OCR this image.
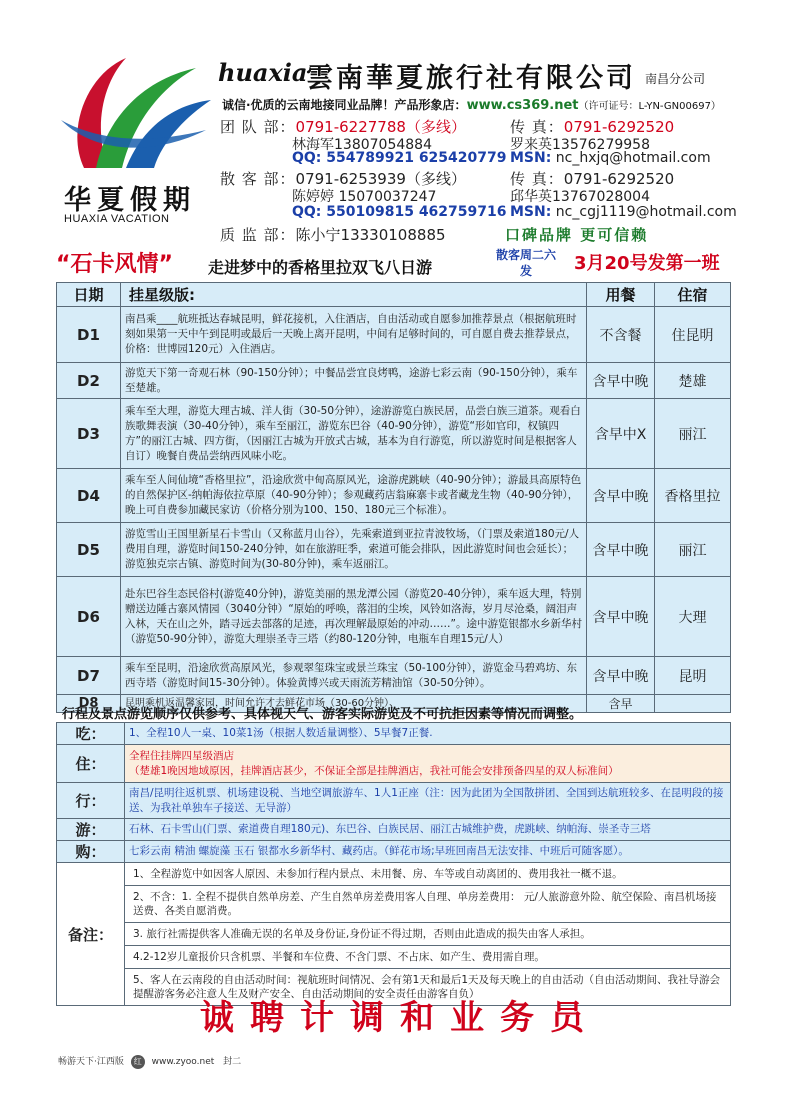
华夏假期
HUAXIA VACATION
huaxia
雲南華夏旅行社有限公司 南昌分公司
诚信·优质的云南地接同业品牌！产品形象店：www.cs369.net（许可证号：L-YN-GN00697）
团 队 部：0791-6227788（多线）	传 真：0791-6292520
林海军13807054884	罗来英13576279958
QQ: 554789921 625420779 MSN: nc_hxjq@hotmail.com
散 客 部：0791-6253939（多线）	传 真：0791-6292520
陈婷婷 15070037247	邱华英13767028004
QQ: 550109815 462759716 MSN: nc_cgj1119@hotmail.com
质 监 部：陈小宁13330108885	口碑品牌 更可信赖
“石卡风情” 走进梦中的香格里拉双飞八日游
散客周二六发	3月20号发第一班
日期	挂星级版:	用餐	住宿
D1	南昌乘____航班抵达春城昆明，鲜花接机，入住酒店，自由活动或自愿参加推荐景点（根据航班时刻如果第一天中午到昆明或最后一天晚上离开昆明，中间有足够时间的，可自愿自费去推荐景点，价格：世博园120元）入住酒店。	不含餐	住昆明
D2	游览天下第一奇观石林（90-150分钟）；中餐品尝宜良烤鸭，途游七彩云南（90-150分钟），乘车至楚雄。	含早中晚	楚雄
D3	乘车至大理，游览大理古城、洋人街（30-50分钟），途游游览白族民居，品尝白族三道茶。观看白族歌舞表演（30-40分钟），乘车至丽江，游览东巴谷（40-90分钟），游览“形如官印，权镇四方”的丽江古城、四方街，（因丽江古城为开放式古城，基本为自行游览，所以游览时间是根据客人自订）晚餐自费品尝纳西风味小吃。	含早中X	丽江
D4	乘车至人间仙境“香格里拉”，沿途欣赏中甸高原风光，途游虎跳峡（40-90分钟）；游最具高原特色的自然保护区-纳帕海依拉草原（40-90分钟）；参观藏药店翁麻寨卡或者藏龙生物（40-90分钟），晚上可自费参加藏民家访（价格分别为100、150、180元三个标准）。	含早中晚	香格里拉
D5	游览雪山王国里新星石卡雪山（又称蓝月山谷），先乘索道到亚拉青波牧场，（门票及索道180元/人费用自理，游览时间150-240分钟，如在旅游旺季，索道可能会排队，因此游览时间也会延长）；游览独克宗古镇、游览时间为(30-80分钟)，乘车返丽江。	含早中晚	丽江
D6	赴东巴谷生态民俗村(游览40分钟)，游览美丽的黑龙潭公园（游览20-40分钟），乘车返大理，特别赠送边陲古寨风情园（3040分钟）“原始的呼唤，落泪的尘埃，风铃如洛海，岁月尽沧桑，阔泪声入林，天在山之外，踏寻远去部落的足迹，再次理解最原始的冲动……”。途中游览银都水乡新华村（游览50-90分钟），游览大理崇圣寺三塔（约80-120分钟，电瓶车自理15元/人）	含早中晚	大理
D7	乘车至昆明，沿途欣赏高原风光，参观翠玺珠宝或景兰珠宝（50-100分钟），游览金马碧鸡坊、东西寺塔（游览时间15-30分钟）。体验黄博兴或天雨流芳精油馆（30-50分钟）。	含早中晚	昆明
D8	昆明乘机返温馨家园，时间允许才去鲜花市场（30-60分钟）、	含早	
行程及景点游览顺序仅供参考、具体视天气、游客实际游览及不可抗拒因素等情况而调整。
吃：	1、全程10人一桌、10菜1汤（根据人数适量调整）、5早餐7正餐.
住：	全程住挂牌四星级酒店
（楚雄1晚因地域原因，挂牌酒店甚少，不保证全部是挂牌酒店，我社可能会安排预备四星的双人标准间）

行：	南昌/昆明往返机票、机场建设税、当地空调旅游车、1人1正座（注：因为此团为全国散拼团、全国到达航班较多、在昆明段的接送、为我社单独车子接送、无导游）
游：	石林、石卡雪山(门票、索道费自理180元)、东巴谷、白族民居、丽江古城维护费，虎跳峡、纳帕海、崇圣寺三塔
购：	七彩云南 精油 螺旋藻 玉石 银都水乡新华村、藏药店。（鲜花市场;早班回南昌无法安排、中班后可随客愿）。
备注：	1、全程游览中如因客人原因、未参加行程内景点、未用餐、房、车等或自动离团的、费用我社一概不退。
2、不含：1. 全程不提供自然单房差、产生自然单房差费用客人自理、单房差费用： 元/人旅游意外险、航空保险、南昌机场接送费、各类自愿消费。
3. 旅行社需提供客人准确无误的名单及身份证,身份证不得过期，否则由此造成的损失由客人承担。
4.2-12岁儿童报价只含机票、半餐和车位费、不含门票、不占床、如产生、费用需自理。
5、客人在云南段的自由活动时间：视航班时间情况、会有第1天和最后1天及每天晚上的自由活动（自由活动期间、我社导游会提醒游客务必注意人生及财产安全、自由活动期间的安全责任由游客自负）
诚聘计调和业务员
畅游天下·江西版 红 www.zyoo.net 封二
